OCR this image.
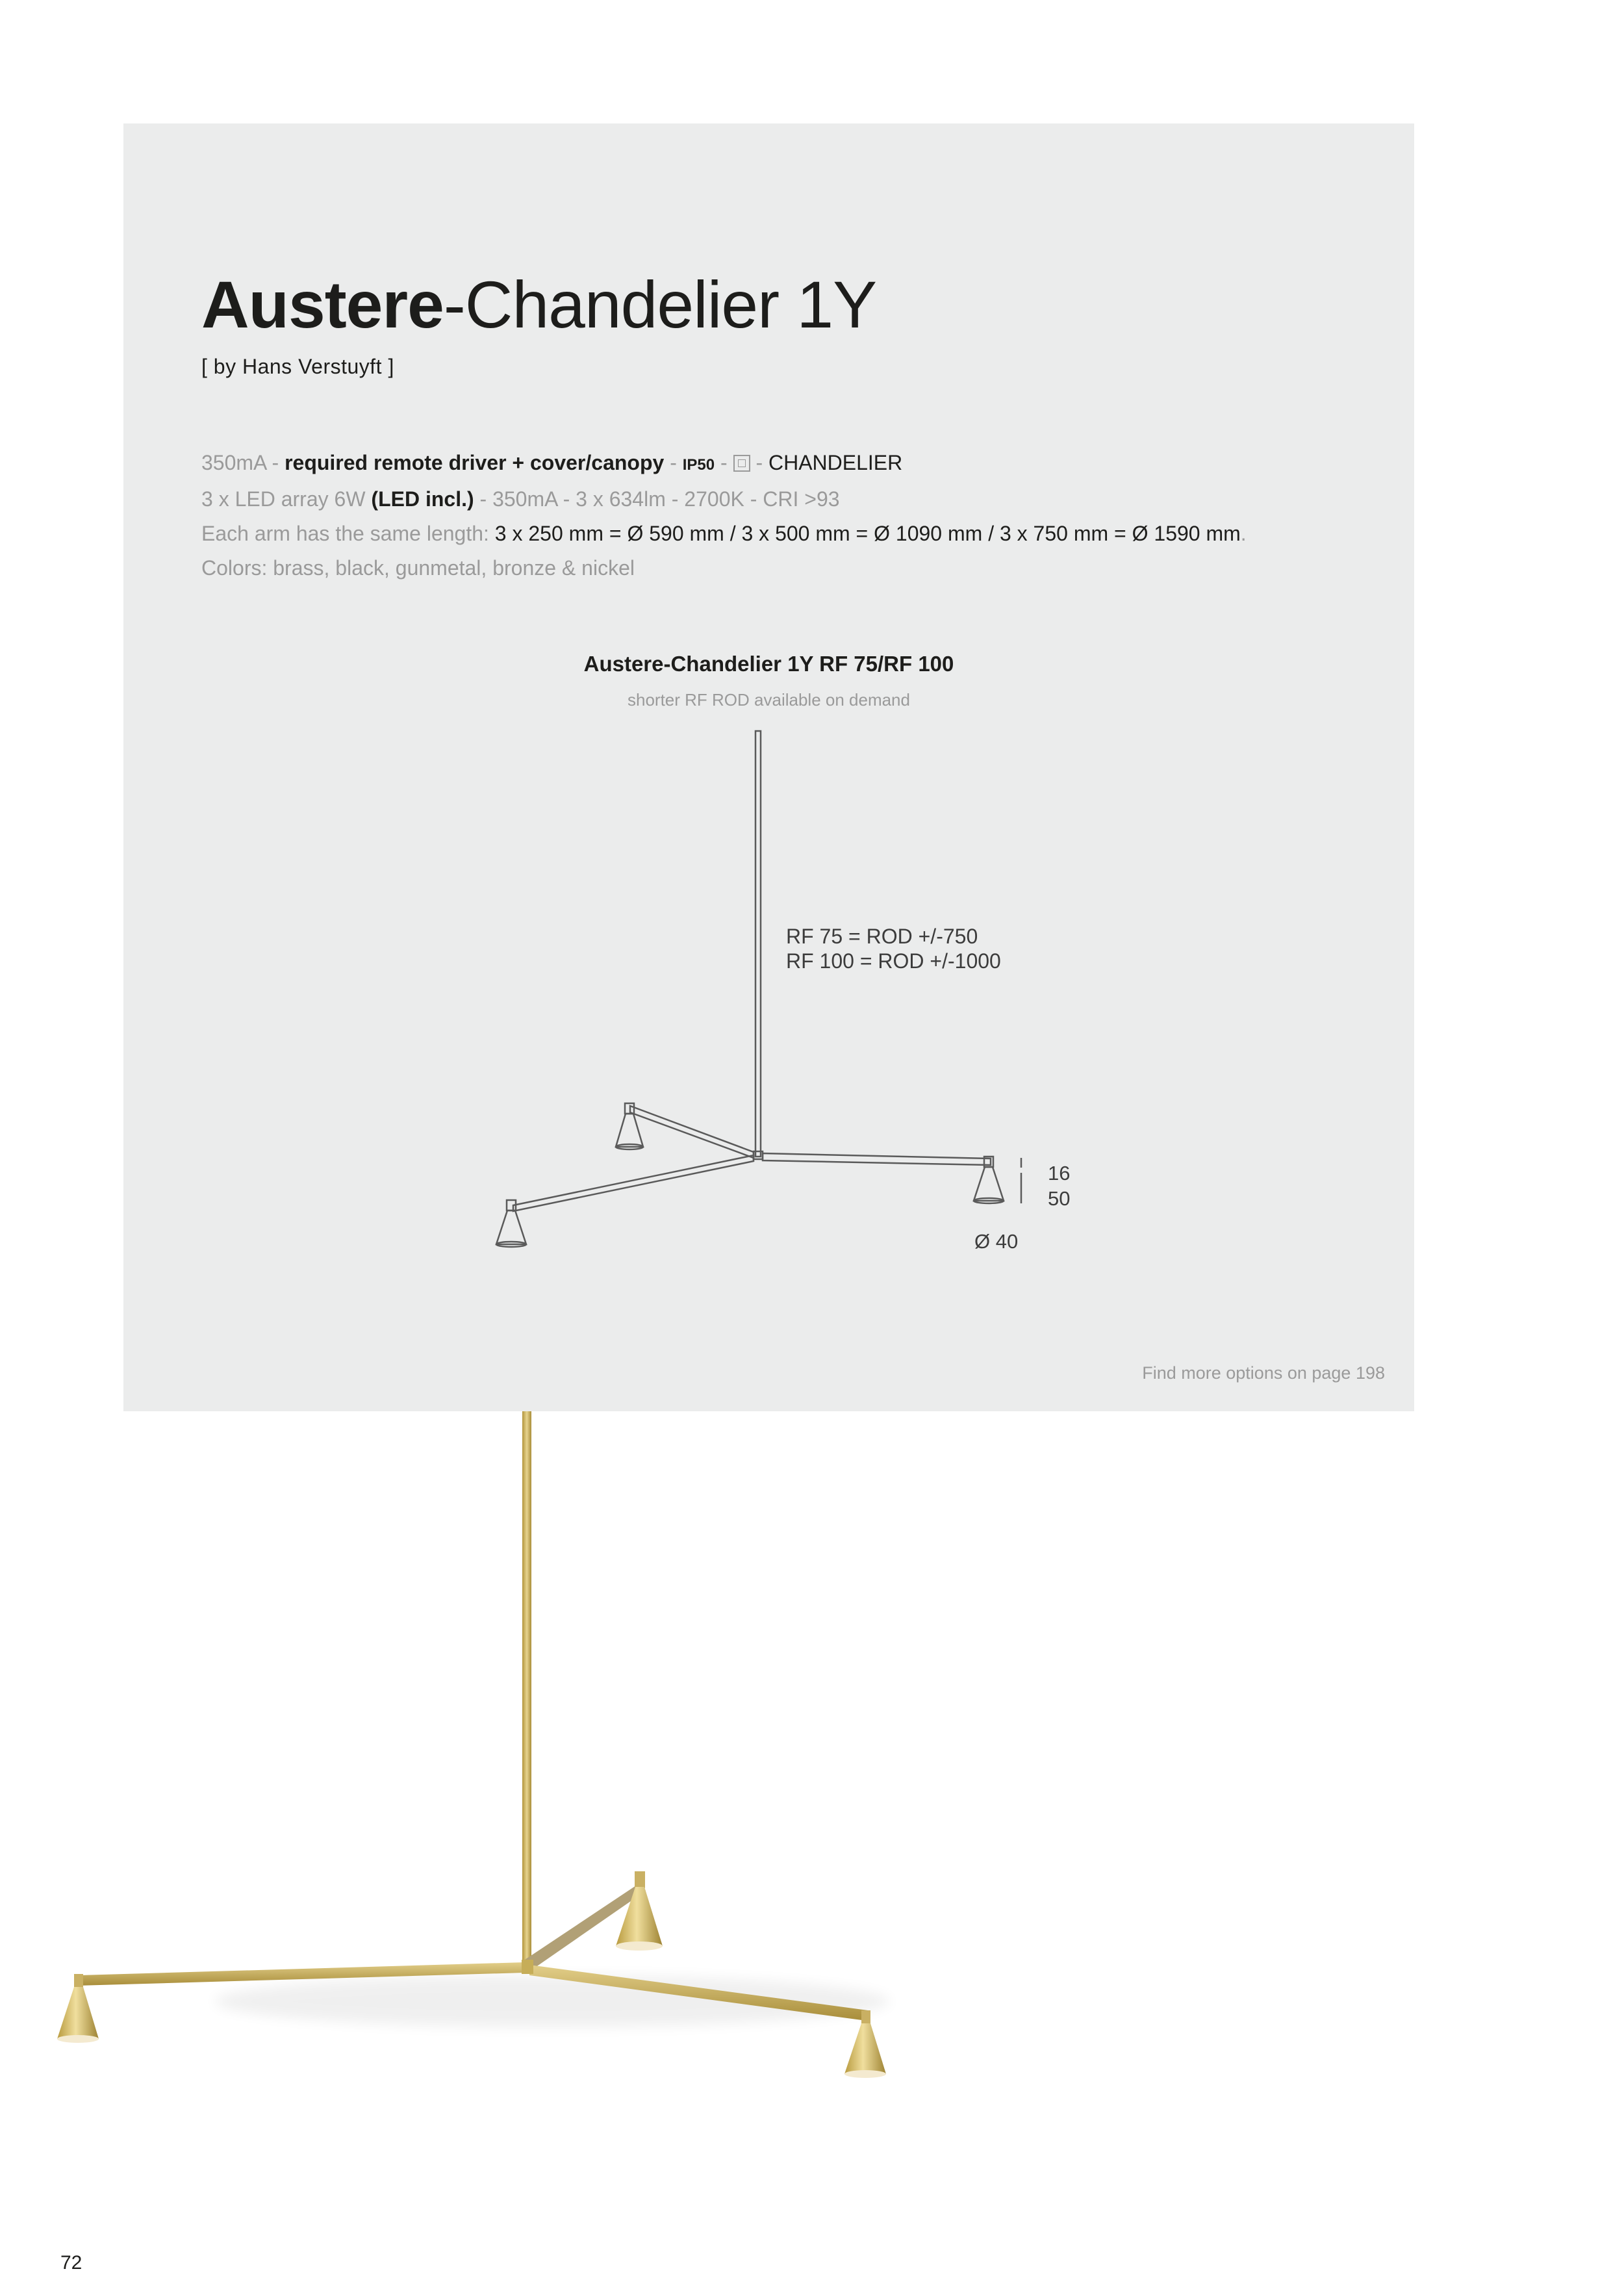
Austere-Chandelier 1Y
[ by Hans Verstuyft ]
350mA - required remote driver + cover/canopy - IP50 -  - CHANDELIER
3 x LED array 6W (LED incl.) - 350mA - 3 x 634lm - 2700K - CRI >93
Each arm has the same length: 3 x 250 mm = Ø 590 mm / 3 x 500 mm = Ø 1090 mm / 3 x 750 mm = Ø 1590 mm.
Colors: brass, black, gunmetal, bronze & nickel
Austere-Chandelier 1Y RF 75/RF 100
shorter RF ROD available on demand
RF 75 = ROD +/-750
RF 100 = ROD +/-1000
16
50
Ø 40
Find more options on page 198
72
